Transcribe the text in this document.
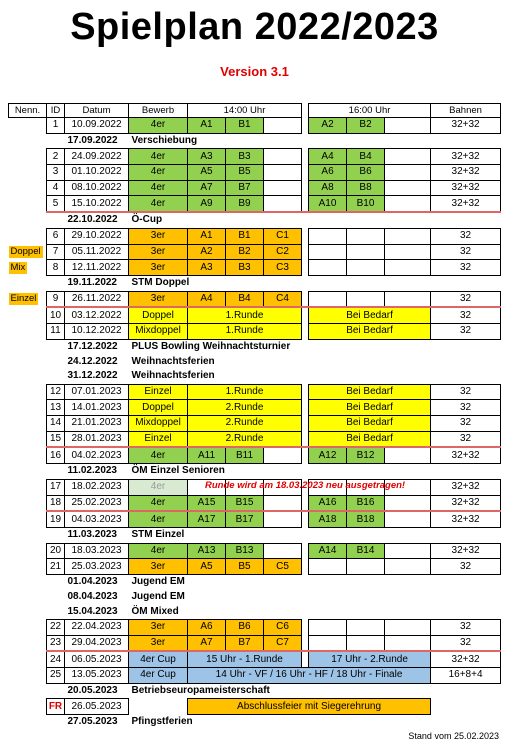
Spielplan 2022/2023
Version 3.1
Nenn.	ID	Datum	Bewerb	14:00 Uhr				16:00 Uhr			Bahnen
	1	10.09.2022	4er	A1	B1			A2	B2		32+32
		17.09.2022	Verschiebung								
	2	24.09.2022	4er	A3	B3			A4	B4		32+32
	3	01.10.2022	4er	A5	B5			A6	B6		32+32
	4	08.10.2022	4er	A7	B7			A8	B8		32+32
	5	15.10.2022	4er	A9	B9			A10	B10		32+32
		22.10.2022	Ö-Cup								
	6	29.10.2022	3er	A1	B1	C1					32
Doppel	7	05.11.2022	3er	A2	B2	C2					32
Mix	8	12.11.2022	3er	A3	B3	C3					32
		19.11.2022	STM Doppel								
Einzel	9	26.11.2022	3er	A4	B4	C4					32
	10	03.12.2022	Doppel	1.Runde				Bei Bedarf			32
	11	10.12.2022	Mixdoppel	1.Runde				Bei Bedarf			32
		17.12.2022	PLUS Bowling Weihnachtsturnier								
		24.12.2022	Weihnachtsferien								
		31.12.2022	Weihnachtsferien								
	12	07.01.2023	Einzel	1.Runde				Bei Bedarf			32
	13	14.01.2023	Doppel	2.Runde				Bei Bedarf			32
	14	21.01.2023	Mixdoppel	2.Runde				Bei Bedarf			32
	15	28.01.2023	Einzel	2.Runde				Bei Bedarf			32
	16	04.02.2023	4er	A11	B11			A12	B12		32+32
		11.02.2023	ÖM Einzel Senioren								
	17	18.02.2023	4er								32+32
	18	25.02.2023	4er	A15	B15			A16	B16		32+32
	19	04.03.2023	4er	A17	B17			A18	B18		32+32
		11.03.2023	STM Einzel								
	20	18.03.2023	4er	A13	B13			A14	B14		32+32
	21	25.03.2023	3er	A5	B5	C5					32
		01.04.2023	Jugend EM								
		08.04.2023	Jugend EM								
		15.04.2023	ÖM Mixed								
	22	22.04.2023	3er	A6	B6	C6					32
	23	29.04.2023	3er	A7	B7	C7					32
	24	06.05.2023	4er Cup	15 Uhr - 1.Runde				17 Uhr - 2.Runde			32+32
	25	13.05.2023	4er Cup	14 Uhr - VF / 16 Uhr - HF / 18 Uhr - Finale							16+8+4
		20.05.2023	Betriebseuropameisterschaft								
	FR	26.05.2023		Abschlussfeier mit Siegerehrung							
		27.05.2023	Pfingstferien								
Runde wird am 18.03.2023 neu ausgetragen!
Stand vom 25.02.2023
